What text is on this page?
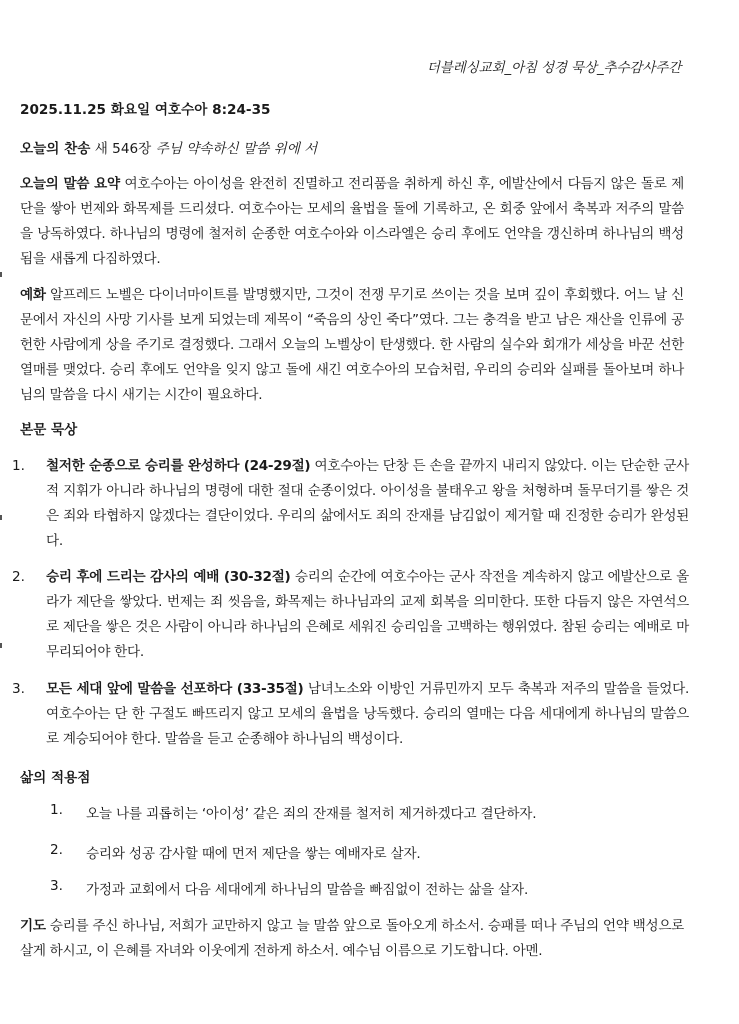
더블레싱교회_아침 성경 묵상_추수감사주간
2025.11.25 화요일 여호수아 8:24-35
오늘의 찬송 새 546장 주님 약속하신 말씀 위에 서
오늘의 말씀 요약 여호수아는 아이성을 완전히 진멸하고 전리품을 취하게 하신 후, 에발산에서 다듬지 않은 돌로 제단을 쌓아 번제와 화목제를 드리셨다. 여호수아는 모세의 율법을 돌에 기록하고, 온 회중 앞에서 축복과 저주의 말씀을 낭독하였다. 하나님의 명령에 철저히 순종한 여호수아와 이스라엘은 승리 후에도 언약을 갱신하며 하나님의 백성 됨을 새롭게 다짐하였다.
예화 알프레드 노벨은 다이너마이트를 발명했지만, 그것이 전쟁 무기로 쓰이는 것을 보며 깊이 후회했다. 어느 날 신문에서 자신의 사망 기사를 보게 되었는데 제목이 “죽음의 상인 죽다”였다. 그는 충격을 받고 남은 재산을 인류에 공헌한 사람에게 상을 주기로 결정했다. 그래서 오늘의 노벨상이 탄생했다. 한 사람의 실수와 회개가 세상을 바꾼 선한 열매를 맺었다. 승리 후에도 언약을 잊지 않고 돌에 새긴 여호수아의 모습처럼, 우리의 승리와 실패를 돌아보며 하나님의 말씀을 다시 새기는 시간이 필요하다.
본문 묵상
1.	철저한 순종으로 승리를 완성하다 (24-29절) 여호수아는 단창 든 손을 끝까지 내리지 않았다. 이는 단순한 군사적 지휘가 아니라 하나님의 명령에 대한 절대 순종이었다. 아이성을 불태우고 왕을 처형하며 돌무더기를 쌓은 것은 죄와 타협하지 않겠다는 결단이었다. 우리의 삶에서도 죄의 잔재를 남김없이 제거할 때 진정한 승리가 완성된다.
2.	승리 후에 드리는 감사의 예배 (30-32절) 승리의 순간에 여호수아는 군사 작전을 계속하지 않고 에발산으로 올라가 제단을 쌓았다. 번제는 죄 씻음을, 화목제는 하나님과의 교제 회복을 의미한다. 또한 다듬지 않은 자연석으로 제단을 쌓은 것은 사람이 아니라 하나님의 은혜로 세워진 승리임을 고백하는 행위였다. 참된 승리는 예배로 마무리되어야 한다.
3.	모든 세대 앞에 말씀을 선포하다 (33-35절) 남녀노소와 이방인 거류민까지 모두 축복과 저주의 말씀을 들었다. 여호수아는 단 한 구절도 빠뜨리지 않고 모세의 율법을 낭독했다. 승리의 열매는 다음 세대에게 하나님의 말씀으로 계승되어야 한다. 말씀을 듣고 순종해야 하나님의 백성이다.
삶의 적용점
1. 오늘 나를 괴롭히는 ‘아이성’ 같은 죄의 잔재를 철저히 제거하겠다고 결단하자.
2. 승리와 성공 감사할 때에 먼저 제단을 쌓는 예배자로 살자.
3. 가정과 교회에서 다음 세대에게 하나님의 말씀을 빠짐없이 전하는 삶을 살자.
기도 승리를 주신 하나님, 저희가 교만하지 않고 늘 말씀 앞으로 돌아오게 하소서. 승패를 떠나 주님의 언약 백성으로 살게 하시고, 이 은혜를 자녀와 이웃에게 전하게 하소서. 예수님 이름으로 기도합니다. 아멘.
